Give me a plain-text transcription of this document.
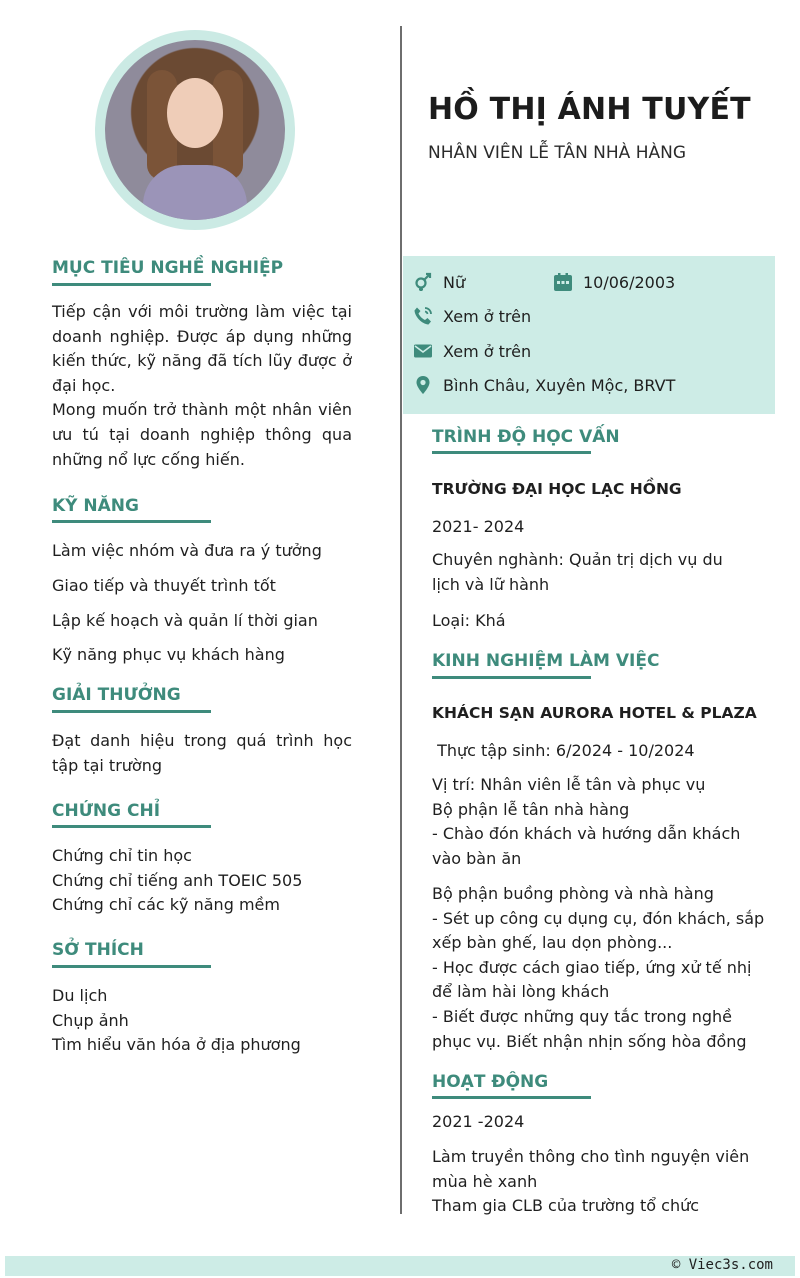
HỒ THỊ ÁNH TUYẾT
NHÂN VIÊN LỄ TÂN NHÀ HÀNG
Nữ	10/06/2003
Xem ở trên
Xem ở trên
Bình Châu, Xuyên Mộc, BRVT
MỤC TIÊU NGHỀ NGHIỆP
Tiếp cận với môi trường làm việc tại doanh nghiệp. Được áp dụng những kiến thức, kỹ năng đã tích lũy được ở đại học.
Mong muốn trở thành một nhân viên ưu tú tại doanh nghiệp thông qua những nổ lực cống hiến.
KỸ NĂNG
Làm việc nhóm và đưa ra ý tưởng
Giao tiếp và thuyết trình tốt
Lập kế hoạch và quản lí thời gian
Kỹ năng phục vụ khách hàng
GIẢI THƯỞNG
Đạt danh hiệu trong quá trình học tập tại trường
CHỨNG CHỈ
Chứng chỉ tin học
Chứng chỉ tiếng anh TOEIC 505
Chứng chỉ các kỹ năng mềm
SỞ THÍCH
Du lịch
Chụp ảnh
Tìm hiểu văn hóa ở địa phương
TRÌNH ĐỘ HỌC VẤN
TRƯỜNG ĐẠI HỌC LẠC HỒNG
2021- 2024
Chuyên nghành: Quản trị dịch vụ du lịch và lữ hành
Loại: Khá
KINH NGHIỆM LÀM VIỆC
KHÁCH SẠN AURORA HOTEL & PLAZA
Thực tập sinh: 6/2024 - 10/2024
Vị trí: Nhân viên lễ tân và phục vụ
Bộ phận lễ tân nhà hàng
- Chào đón khách và hướng dẫn khách
vào bàn ăn
Bộ phận buồng phòng và nhà hàng
- Sét up công cụ dụng cụ, đón khách, sắp
xếp bàn ghế, lau dọn phòng...
- Học được cách giao tiếp, ứng xử tế nhị
để làm hài lòng khách
- Biết được những quy tắc trong nghề
phục vụ. Biết nhận nhịn sống hòa đồng
HOẠT ĐỘNG
2021 -2024
Làm truyền thông cho tình nguyện viên
mùa hè xanh
Tham gia CLB của trường tổ chức
© Viec3s.com
